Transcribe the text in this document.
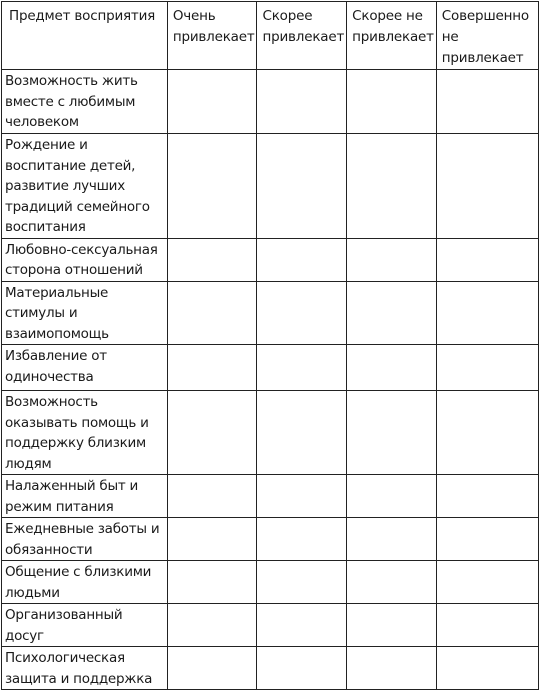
Предмет восприятия	Очень привлекает	Скорее привлекает	Скорее не привлекает	Совершенно не привлекает

Возможность жить вместе с любимым человеком				

Рождение и воспитание детей, развитие лучших традиций семейного воспитания				

Любовно-сексуальная сторона отношений				

Материальные стимулы и взаимопомощь				

Избавление от одиночества				

Возможность оказывать помощь и поддержку близким людям				

Налаженный быт и режим питания				

Ежедневные заботы и обязанности				

Общение с близкими людьми				

Организованный досуг				

Психологическая защита и поддержка				
